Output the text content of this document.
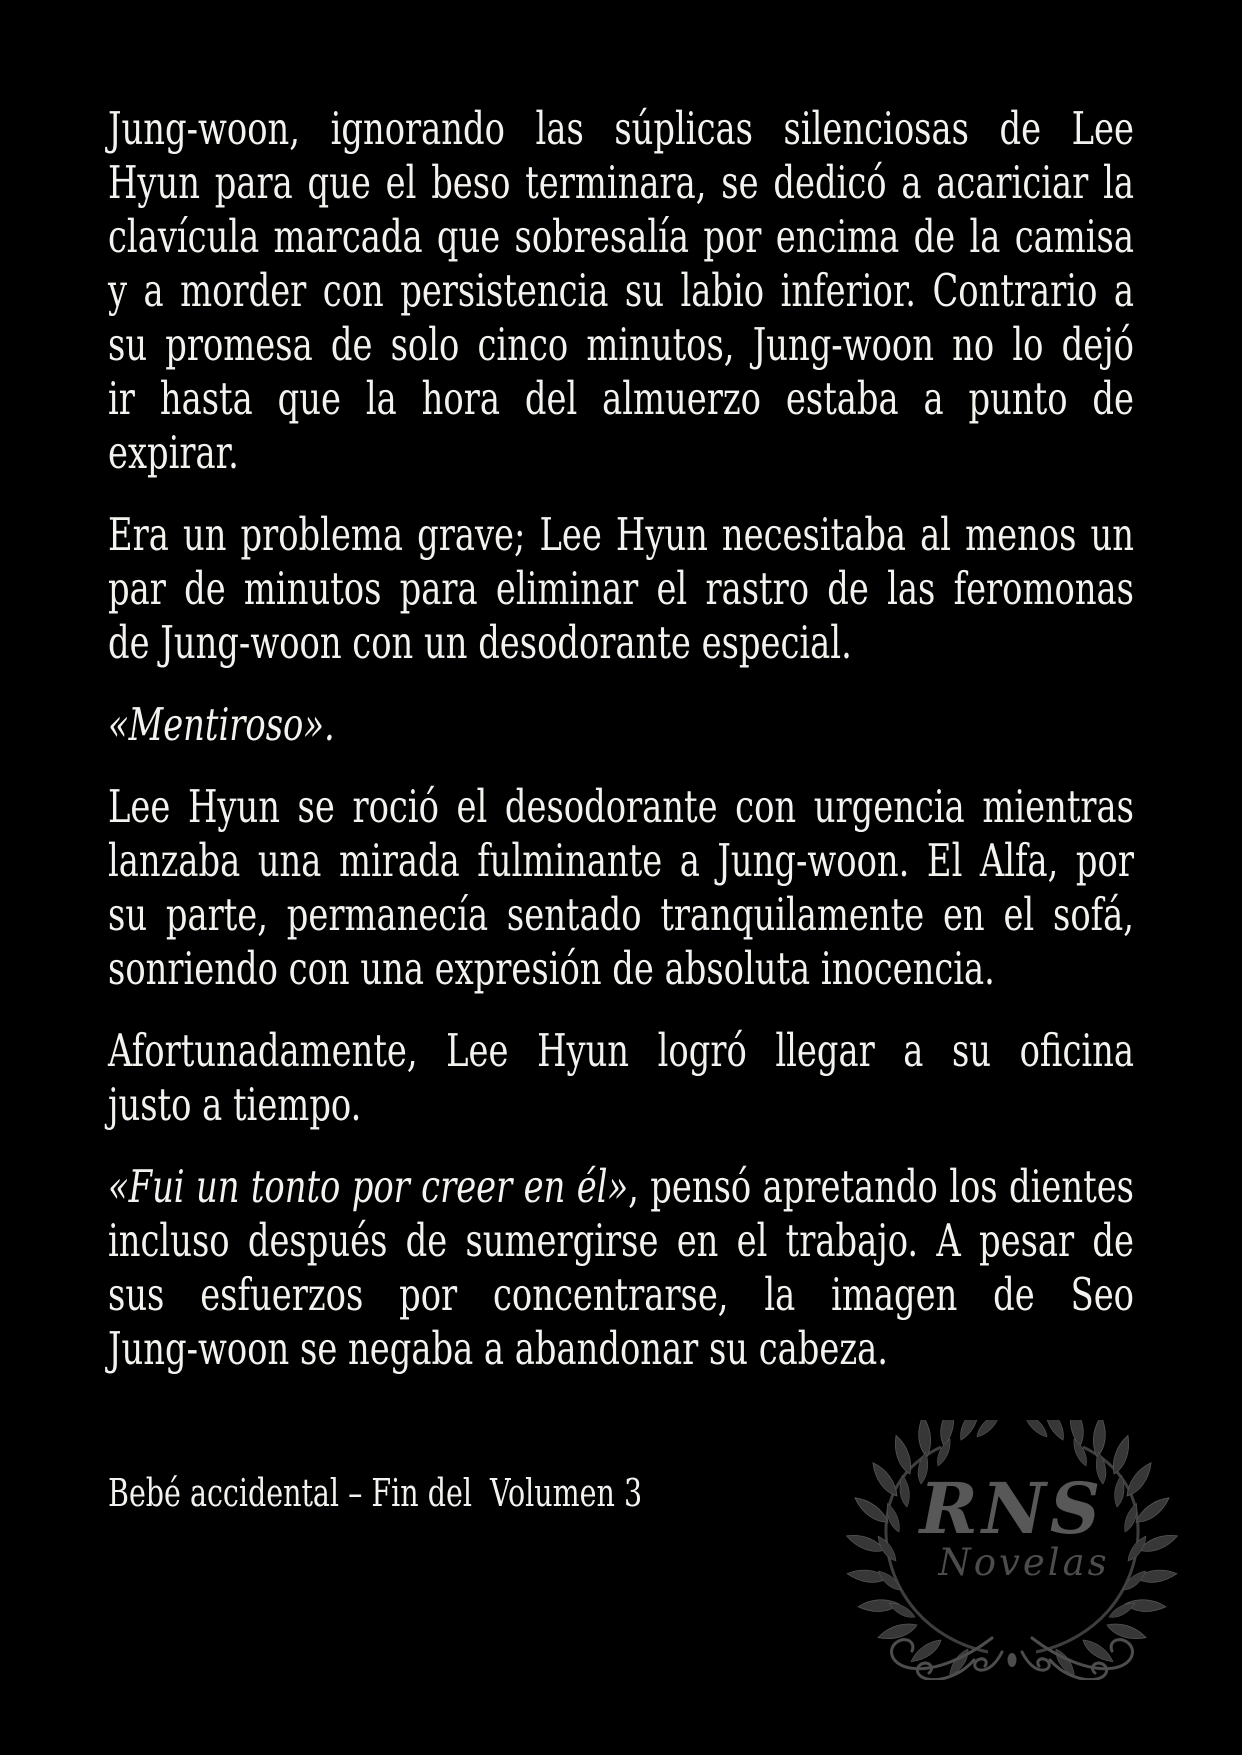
Jung-woon, ignorando las súplicas silenciosas de Lee
Hyun para que el beso terminara, se dedicó a acariciar la
clavícula marcada que sobresalía por encima de la camisa
y a morder con persistencia su labio inferior. Contrario a
su promesa de solo cinco minutos, Jung-woon no lo dejó
ir hasta que la hora del almuerzo estaba a punto de
expirar.

Era un problema grave; Lee Hyun necesitaba al menos un
par de minutos para eliminar el rastro de las feromonas
de Jung-woon con un desodorante especial.

«Mentiroso».

Lee Hyun se roció el desodorante con urgencia mientras
lanzaba una mirada fulminante a Jung-woon. El Alfa, por
su parte, permanecía sentado tranquilamente en el sofá,
sonriendo con una expresión de absoluta inocencia.

Afortunadamente, Lee Hyun logró llegar a su oficina
justo a tiempo.

«Fui un tonto por creer en él», pensó apretando los dientes
incluso después de sumergirse en el trabajo. A pesar de
sus esfuerzos por concentrarse, la imagen de Seo
Jung-woon se negaba a abandonar su cabeza.

Bebé accidental – Fin del  Volumen 3	RNS
Novelas
